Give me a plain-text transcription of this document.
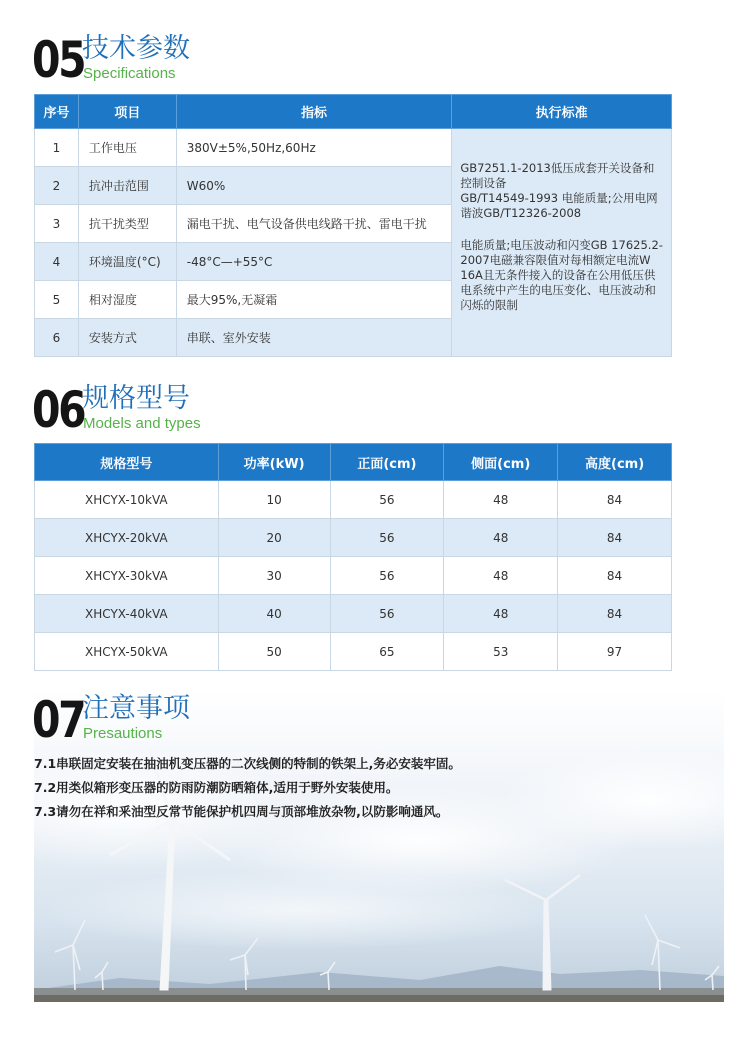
05
技术参数
Specifications
序号	项目	指标	执行标准
1	工作电压	380V±5%,50Hz,60Hz	GB7251.1-2013低压成套开关设备和控制设备
GB/T14549-1993 电能质量;公用电网谐波GB/T12326-2008

电能质量;电压波动和闪变GB 17625.2-2007电磁兼容限值对每相额定电流W 16A且无条件接入的设备在公用低压供电系统中产生的电压变化、电压波动和闪烁的限制

2	抗冲击范围	W60%	
3	抗干扰类型	漏电干扰、电气设备供电线路干扰、雷电干扰	
4	环境温度(°C)	-48°C—+55°C	
5	相对湿度	最大95%,无凝霜	
6	安装方式	串联、室外安装	
06
规格型号
Models and types
规格型号	功率(kW)	正面(cm)	侧面(cm)	高度(cm)
XHCYX-10kVA	10	56	48	84
XHCYX-20kVA	20	56	48	84
XHCYX-30kVA	30	56	48	84
XHCYX-40kVA	40	56	48	84
XHCYX-50kVA	50	65	53	97
07
注意事项
Presautions
7.1串联固定安装在抽油机变压器的二次线侧的特制的铁架上,务必安装牢固。
7.2用类似箱形变压器的防雨防潮防晒箱体,适用于野外安装使用。
7.3请勿在祥和釆油型反常节能保护机四周与顶部堆放杂物,以防影响通风。
